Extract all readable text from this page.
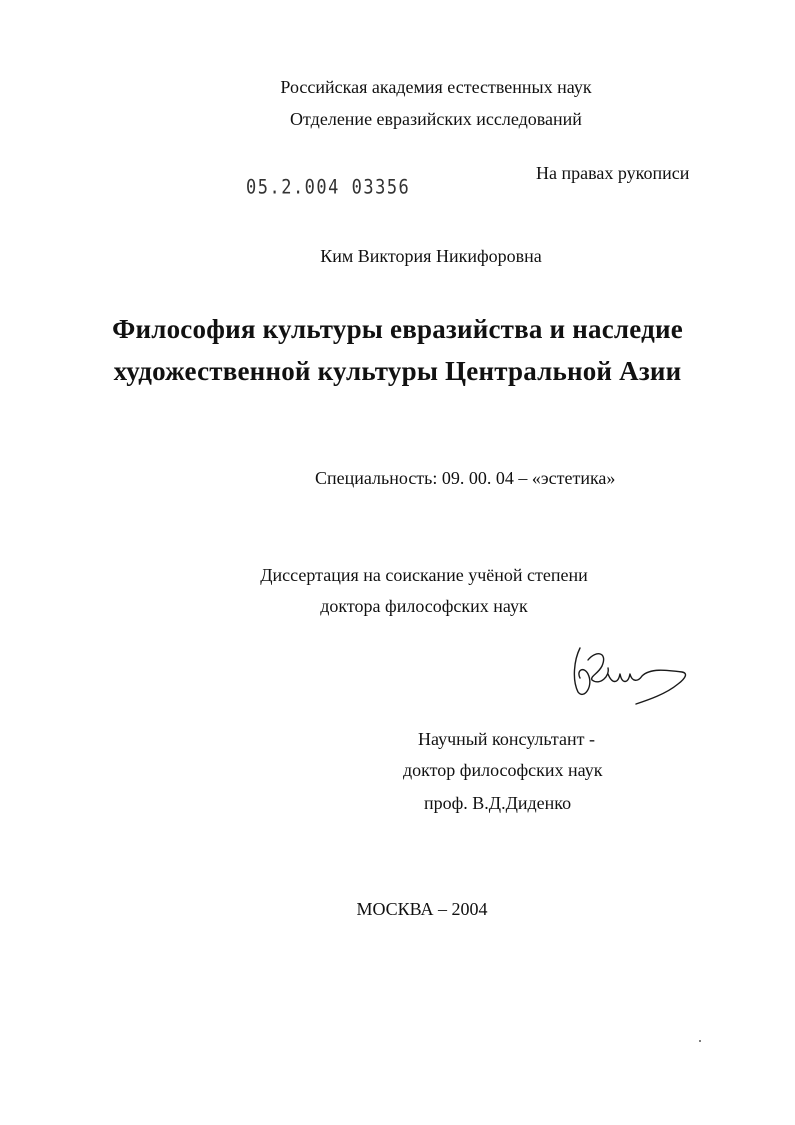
Российская академия естественных наук
Отделение евразийских исследований
05.2.004 03356
На правах рукописи
Ким Виктория Никифоровна
Философия культуры евразийства и наследие
художественной культуры Центральной Азии
Специальность: 09. 00. 04 – «эстетика»
Диссертация на соискание учёной степени
доктора философских наук
Научный консультант -
доктор философских наук
проф. В.Д.Диденко
МОСКВА – 2004
